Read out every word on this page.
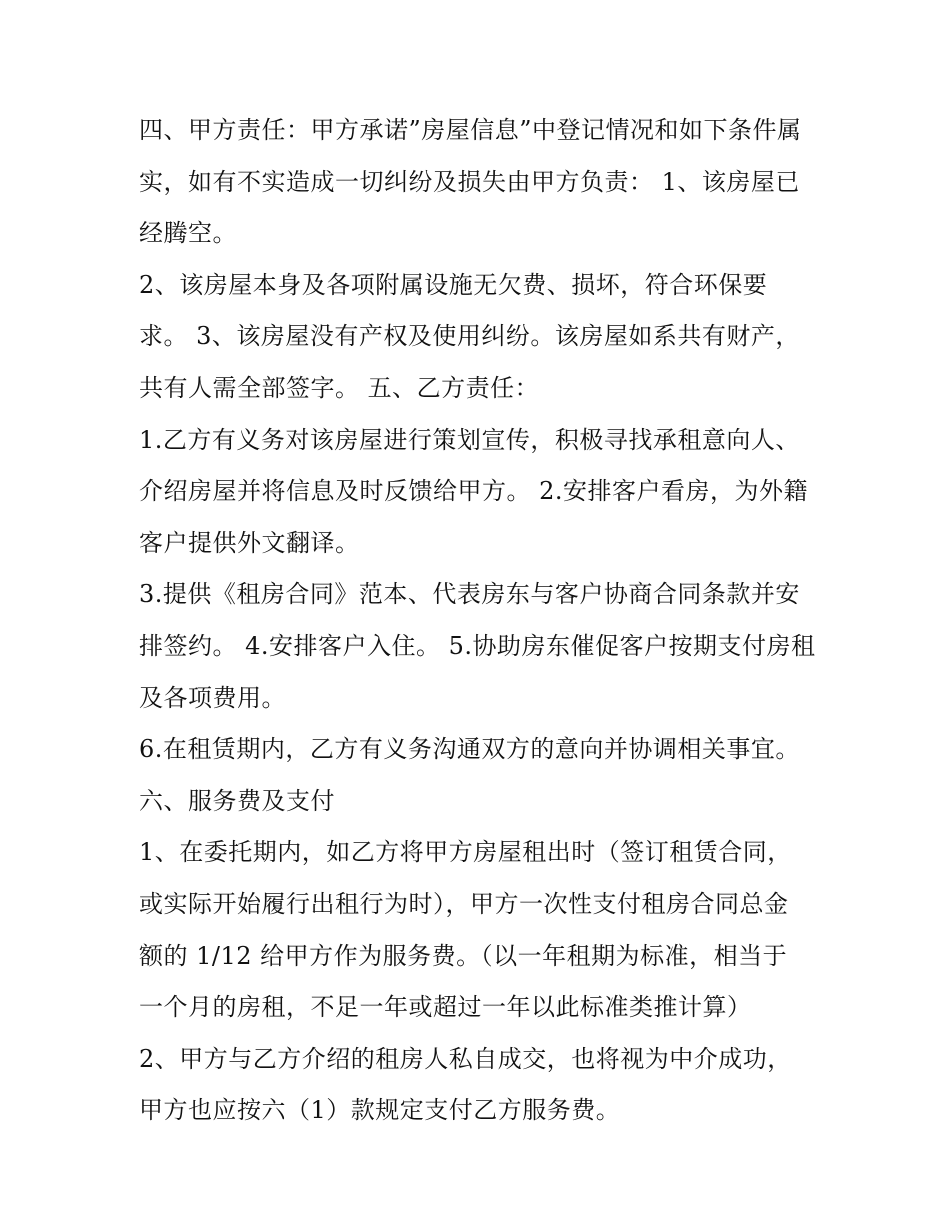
四、甲方责任：甲方承诺”房屋信息”中登记情况和如下条件属
实，如有不实造成一切纠纷及损失由甲方负责： 1、该房屋已
经腾空。
2、该房屋本身及各项附属设施无欠费、损坏，符合环保要
求。 3、该房屋没有产权及使用纠纷。该房屋如系共有财产，
共有人需全部签字。 五、乙方责任：
1.乙方有义务对该房屋进行策划宣传，积极寻找承租意向人、
介绍房屋并将信息及时反馈给甲方。 2.安排客户看房，为外籍
客户提供外文翻译。
3.提供《租房合同》范本、代表房东与客户协商合同条款并安
排签约。 4.安排客户入住。 5.协助房东催促客户按期支付房租
及各项费用。
6.在租赁期内，乙方有义务沟通双方的意向并协调相关事宜。
六、服务费及支付
1、在委托期内，如乙方将甲方房屋租出时（签订租赁合同，
或实际开始履行出租行为时），甲方一次性支付租房合同总金
额的 1/12 给甲方作为服务费。（以一年租期为标准，相当于
一个月的房租，不足一年或超过一年以此标准类推计算）
2、甲方与乙方介绍的租房人私自成交，也将视为中介成功，
甲方也应按六（1）款规定支付乙方服务费。
